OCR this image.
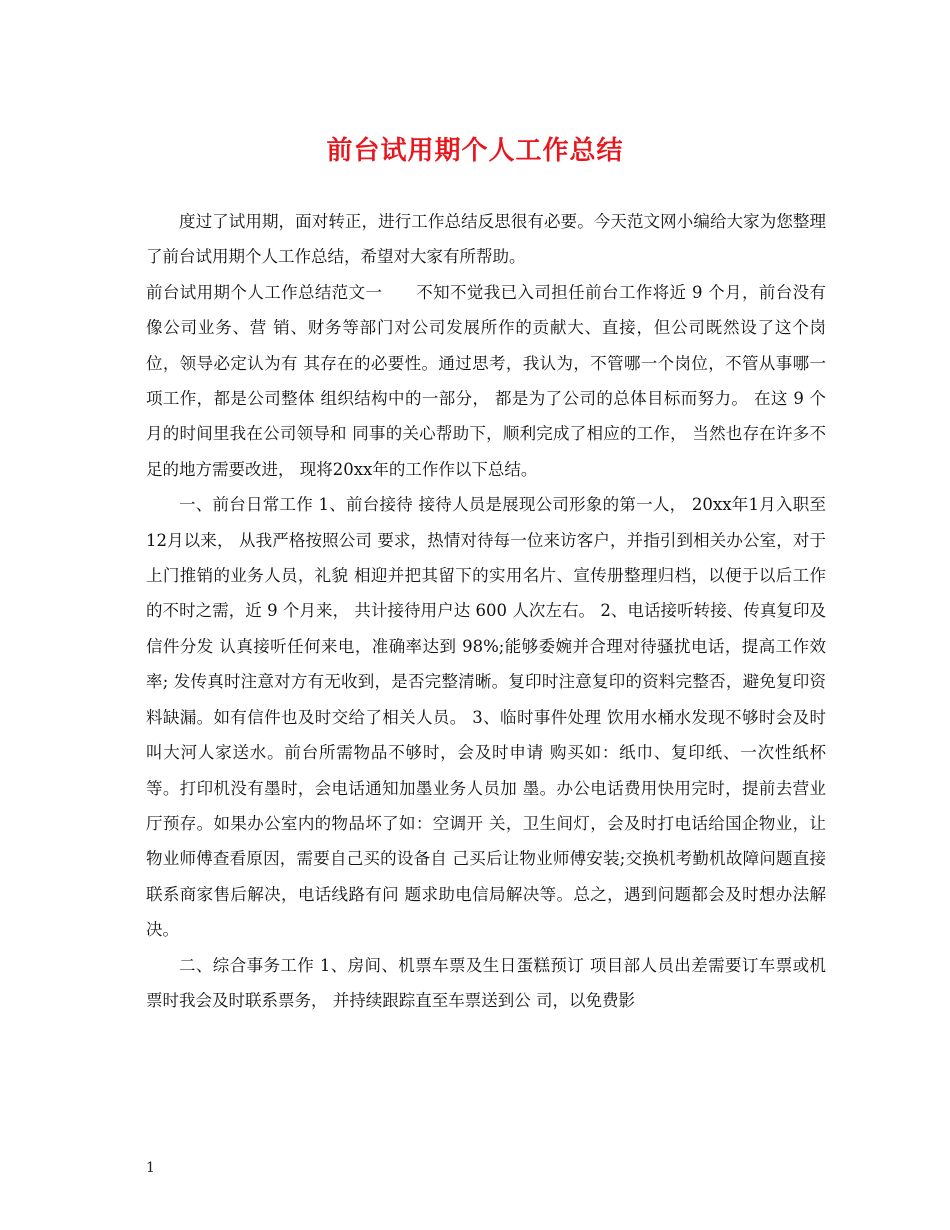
前台试用期个人工作总结

度过了试用期，面对转正，进行工作总结反思很有必要。今天范文网小编给大家为您整理了前台试用期个人工作总结，希望对大家有所帮助。

前台试用期个人工作总结范文一　　不知不觉我已入司担任前台工作将近 9 个月，前台没有像公司业务、营 销、财务等部门对公司发展所作的贡献大、直接，但公司既然设了这个岗位，领导必定认为有 其存在的必要性。通过思考，我认为，不管哪一个岗位，不管从事哪一项工作，都是公司整体 组织结构中的一部分， 都是为了公司的总体目标而努力。 在这 9 个月的时间里我在公司领导和 同事的关心帮助下，顺利完成了相应的工作， 当然也存在许多不足的地方需要改进， 现将20xx年的工作作以下总结。

一、前台日常工作 1、前台接待 接待人员是展现公司形象的第一人， 20xx年1月入职至12月以来， 从我严格按照公司 要求，热情对待每一位来访客户，并指引到相关办公室，对于上门推销的业务人员，礼貌 相迎并把其留下的实用名片、宣传册整理归档，以便于以后工作的不时之需，近 9 个月来， 共计接待用户达 600 人次左右。 2、电话接听转接、传真复印及信件分发 认真接听任何来电，准确率达到 98%;能够委婉并合理对待骚扰电话，提高工作效率; 发传真时注意对方有无收到，是否完整清晰。复印时注意复印的资料完整否，避免复印资 料缺漏。如有信件也及时交给了相关人员。 3、临时事件处理 饮用水桶水发现不够时会及时叫大河人家送水。前台所需物品不够时，会及时申请 购买如：纸巾、复印纸、一次性纸杯等。打印机没有墨时，会电话通知加墨业务人员加 墨。办公电话费用快用完时，提前去营业厅预存。如果办公室内的物品坏了如：空调开 关，卫生间灯，会及时打电话给国企物业，让物业师傅查看原因，需要自己买的设备自 己买后让物业师傅安装;交换机考勤机故障问题直接联系商家售后解决，电话线路有问 题求助电信局解决等。总之，遇到问题都会及时想办法解决。

二、综合事务工作 1、房间、机票车票及生日蛋糕预订 项目部人员出差需要订车票或机票时我会及时联系票务， 并持续跟踪直至车票送到公 司，以免费影

1
